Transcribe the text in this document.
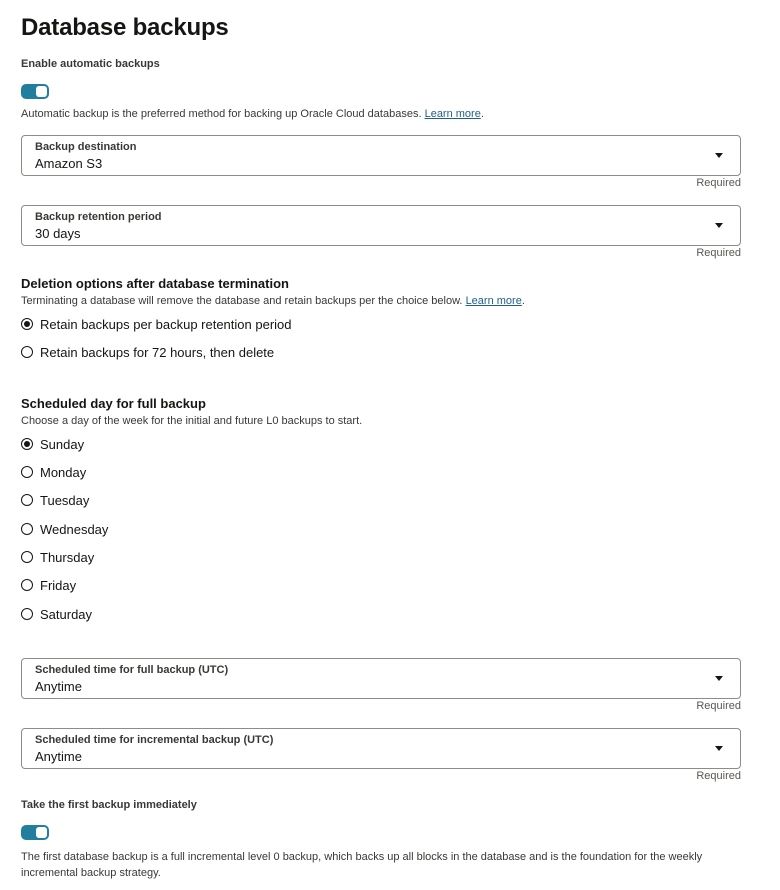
Database backups
Enable automatic backups
Automatic backup is the preferred method for backing up Oracle Cloud databases. Learn more.
Backup destination
Amazon S3
Required
Backup retention period
30 days
Required
Deletion options after database termination
Terminating a database will remove the database and retain backups per the choice below. Learn more.
Retain backups per backup retention period
Retain backups for 72 hours, then delete
Scheduled day for full backup
Choose a day of the week for the initial and future L0 backups to start.
Sunday
Monday
Tuesday
Wednesday
Thursday
Friday
Saturday
Scheduled time for full backup (UTC)
Anytime
Required
Scheduled time for incremental backup (UTC)
Anytime
Required
Take the first backup immediately
The first database backup is a full incremental level 0 backup, which backs up all blocks in the database and is the foundation for the weekly
incremental backup strategy.
